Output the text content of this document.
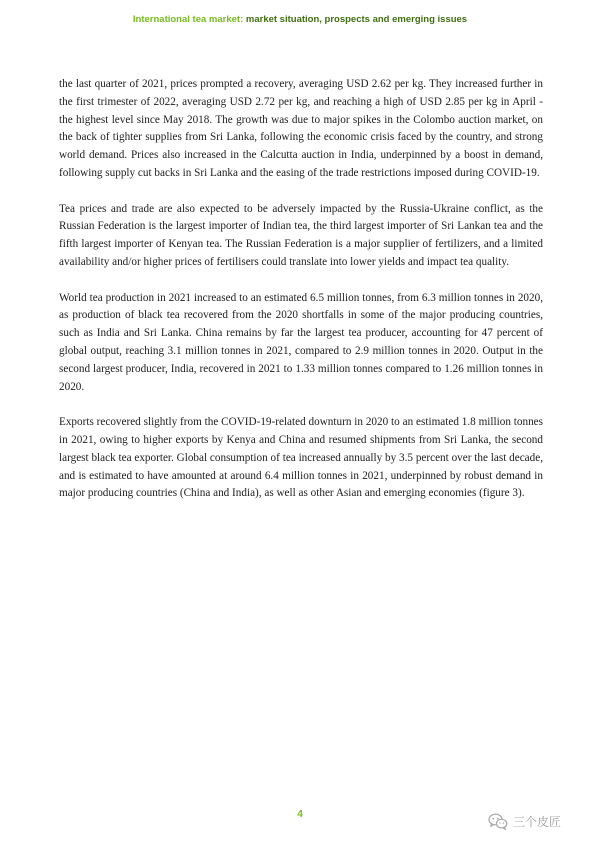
International tea market: market situation, prospects and emerging issues

the last quarter of 2021, prices prompted a recovery, averaging USD 2.62 per kg. They increased further in the first trimester of 2022, averaging USD 2.72 per kg, and reaching a high of USD 2.85 per kg in April - the highest level since May 2018. The growth was due to major spikes in the Colombo auction market, on the back of tighter supplies from Sri Lanka, following the economic crisis faced by the country, and strong world demand. Prices also increased in the Calcutta auction in India, underpinned by a boost in demand, following supply cut backs in Sri Lanka and the easing of the trade restrictions imposed during COVID-19.

Tea prices and trade are also expected to be adversely impacted by the Russia-Ukraine conflict, as the Russian Federation is the largest importer of Indian tea, the third largest importer of Sri Lankan tea and the fifth largest importer of Kenyan tea. The Russian Federation is a major supplier of fertilizers, and a limited availability and/or higher prices of fertilisers could translate into lower yields and impact tea quality.

World tea production in 2021 increased to an estimated 6.5 million tonnes, from 6.3 million tonnes in 2020, as production of black tea recovered from the 2020 shortfalls in some of the major producing countries, such as India and Sri Lanka. China remains by far the largest tea producer, accounting for 47 percent of global output, reaching 3.1 million tonnes in 2021, compared to 2.9 million tonnes in 2020. Output in the second largest producer, India, recovered in 2021 to 1.33 million tonnes compared to 1.26 million tonnes in 2020.

Exports recovered slightly from the COVID-19-related downturn in 2020 to an estimated 1.8 million tonnes in 2021, owing to higher exports by Kenya and China and resumed shipments from Sri Lanka, the second largest black tea exporter. Global consumption of tea increased annually by 3.5 percent over the last decade, and is estimated to have amounted at around 6.4 million tonnes in 2021, underpinned by robust demand in major producing countries (China and India), as well as other Asian and emerging economies (figure 3).

4
三个皮匠
